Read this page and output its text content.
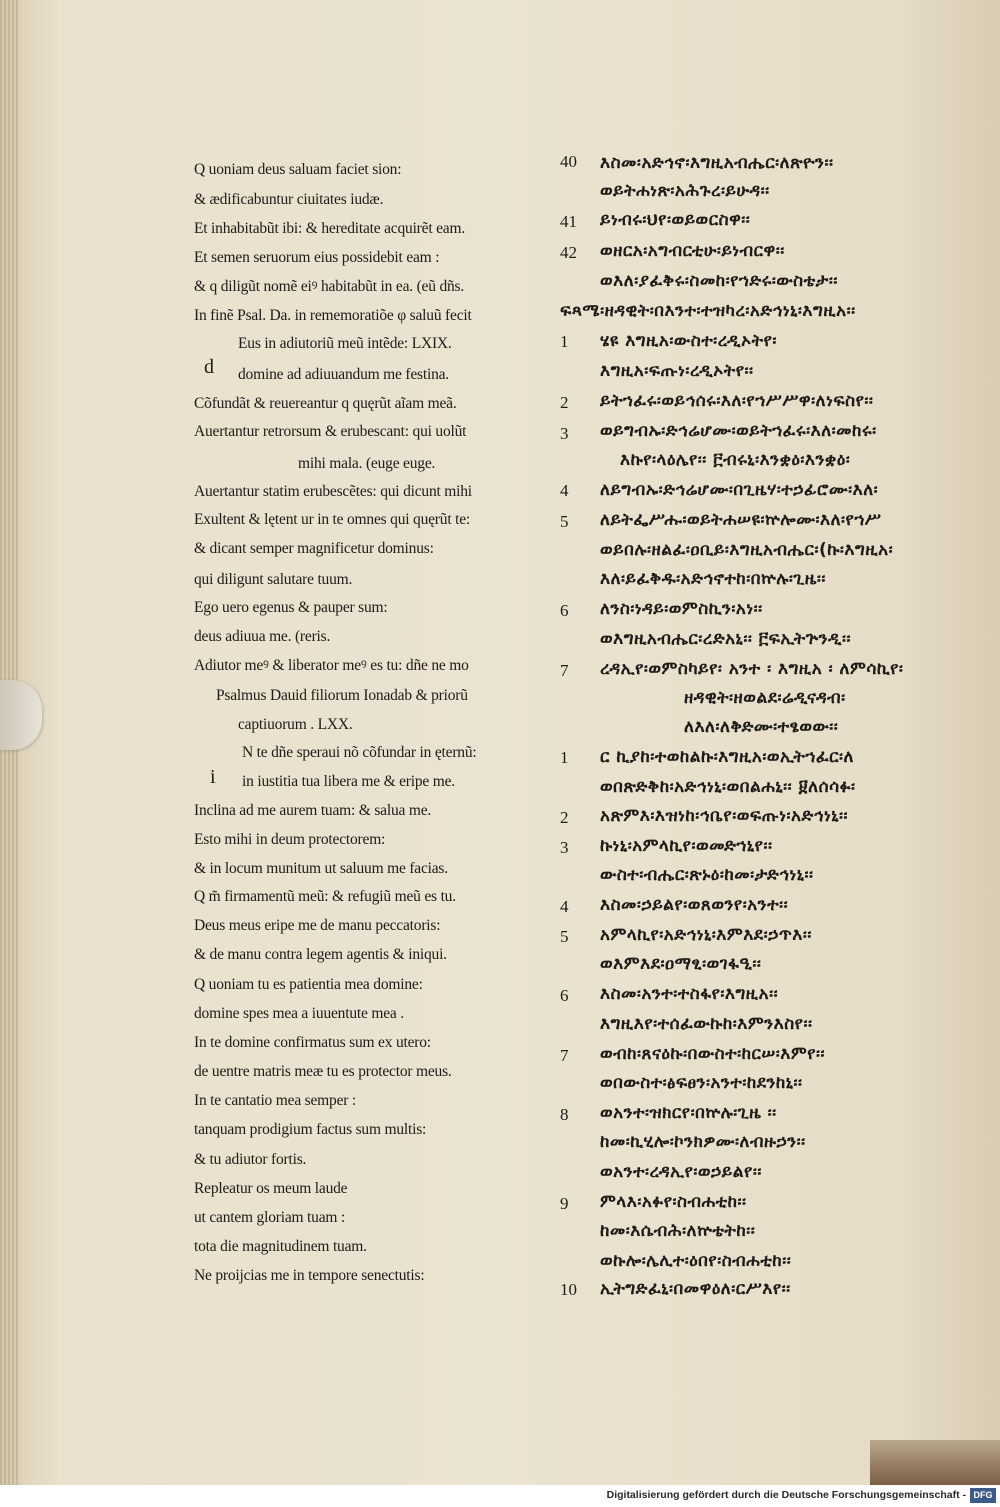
Q uoniam deus saluam faciet sion:
& ædificabuntur ciuitates iudæ.
Et inhabitabũt ibi: & hereditate acquirẽt eam.
Et semen seruorum eius possidebit eam :
& q diligũt nomẽ eiꝰ habitabũt in ea. (eũ dñs.
In finẽ Psal. Da. in rememoratiõe φ saluũ fecit
Eus in adiutoriũ meũ intẽde: LXIX.
d domine ad adiuuandum me festina.
Cõfundãt & reuereantur q quęrũt aĩam meã.
Auertantur retrorsum & erubescant: qui uolũt
mihi mala. (euge euge.
Auertantur statim erubescẽtes: qui dicunt mihi
Exultent & lętent ur in te omnes qui quęrũt te:
& dicant semper magnificetur dominus:
qui diligunt salutare tuum.
Ego uero egenus & pauper sum:
deus adiuua me. (reris.
Adiutor meꝰ & liberator meꝰ es tu: dñe ne mo
Psalmus Dauid filiorum Ionadab & priorũ
captiuorum . LXX.
N te dñe speraui nõ cõfundar in ęternũ:
i in iustitia tua libera me & eripe me.
Inclina ad me aurem tuam: & salua me.
Esto mihi in deum protectorem:
& in locum munitum ut saluum me facias.
Q m̃ firmamentũ meũ: & refugiũ meũ es tu.
Deus meus eripe me de manu peccatoris:
& de manu contra legem agentis & iniqui.
Q uoniam tu es patientia mea domine:
domine spes mea a iuuentute mea .
In te domine confirmatus sum ex utero:
de uentre matris meæ tu es protector meus.
In te cantatio mea semper :
tanquam prodigium factus sum multis:
& tu adiutor fortis.
Repleatur os meum laude
ut cantem gloriam tuam :
tota die magnitudinem tuam.
Ne proijcias me in tempore senectutis:
40 እስመ፡አድኅኖ፡እግዚአብሔር፡ለጽዮን፡፡
ወይትሐነጽ፡አሕጉረ፡ይሁዳ፡፡
41 ይነብሩ፡ህየ፡ወይወርስዋ፡፡
42 ወዘርአ፡አግብርቲሁ፡ይነብርዋ፡፡
ወእለ፡ያፈቅሩ፡ስመከ፡የኀድሩ፡ውስቴታ፡፡
ፍጻሜ፡ዘዳዊት፡በእንተ፡ተዝካረ፡አድኅነኒ፡እግዚአ፡፡
1 ሄዩ እግዚአ፡ውስተ፡ረዲኦትየ፡
እግዚአ፡ፍጡነ፡ረዲኦትየ፡፡
2 ይትኀፈሩ፡ወይኅሰሩ፡እለ፡የኀሥሥዋ፡ለነፍስየ፡፡
3 ወይግብኡ፡ድኅሬሆሙ፡ወይትኀፈሩ፡እለ፡መከሩ፡
እኩየ፡ላዕሌየ፡፡ ፫ብሩኒ፡እንቋዕ፡እንቋዕ፡
4 ለይግብኡ፡ድኅሬሆሙ፡በጊዜሃ፡ተኃፊሮሙ፡እለ፡
5 ለይትፌሥሑ፡ወይትሐሠዩ፡ኵሎሙ፡እለ፡የኀሥ
ወይበሉ፡ዘልፈ፡ዐቢይ፡እግዚአብሔር፡(ኩ፡እግዚአ፡
እለ፡ይፈቅዱ፡አድኅኖተከ፡በኵሉ፡ጊዜ፡፡
6 ለንስ፡ነዳይ፡ወምስኪን፡አነ፡፡
ወእግዚአብሔር፡ረድአኒ፡፡ ፫ፍኢትጕንዲ፡፡
7 ረዳኢየ፡ወምስካይየ፡ አንተ ፡ እግዚአ ፡ ለምሳኪየ፡
ዘዳዊት፡ዘወልደ፡ሬዲናዳብ፡
ለእለ፡ለቅድሙ፡ተፄወው፡፡
1 ር ኪያከ፡ተወከልኩ፡እግዚአ፡ወኢትኀፈር፡ለ
ወበጽድቅከ፡አድኅነኒ፡ወበልሐኒ፡፡ ፱ለሰሳፉ፡
2 አጽምእ፡እዝነከ፡ኅቤየ፡ወፍጡነ፡አድኅነኒ፡፡
3 ኩነኒ፡አምላኪየ፡ወመድኀኒየ፡፡
ውስተ፡ብሔር፡ጽኑዕ፡ከመ፡ታድኅነኒ፡፡
4 እስመ፡ኃይልየ፡ወጸወንየ፡አንተ፡፡
5 አምላኪየ፡አድኅነኒ፡እምእደ፡ኃጥእ፡፡
ወእምእደ፡ዐማፂ፡ወገፋዒ፡፡
6 እስመ፡አንተ፡ተስፋየ፡እግዚአ፡፡
እግዚእየ፡ተሰፈውኩከ፡እምንእስየ፡፡
7 ወብከ፡ጸናዕኩ፡በውስተ፡ከርሠ፡እምየ፡፡
ወበውስተ፡ፅፍፀን፡አንተ፡ከደንከኒ፡፡
8 ወአንተ፡ዝክርየ፡በኵሉ፡ጊዜ ፡፡
ከመ፡ኪሂሎ፡ኮንክዎሙ፡ለብዙኃን፡፡
ወአንተ፡ረዳኢየ፡ወኃይልየ፡፡
9 ምላእ፡አፉየ፡ስብሐቲከ፡፡
ከመ፡እሴብሕ፡ለኵቴትከ፡፡
ወኩሎ፡ሌሊተ፡ዕበየ፡ስብሐቲከ፡፡
10 ኢትግድፈኒ፡በመዋዕለ፡ርሥእየ፡፡
Digitalisierung gefördert durch die Deutsche Forschungsgemeinschaft - DFG
